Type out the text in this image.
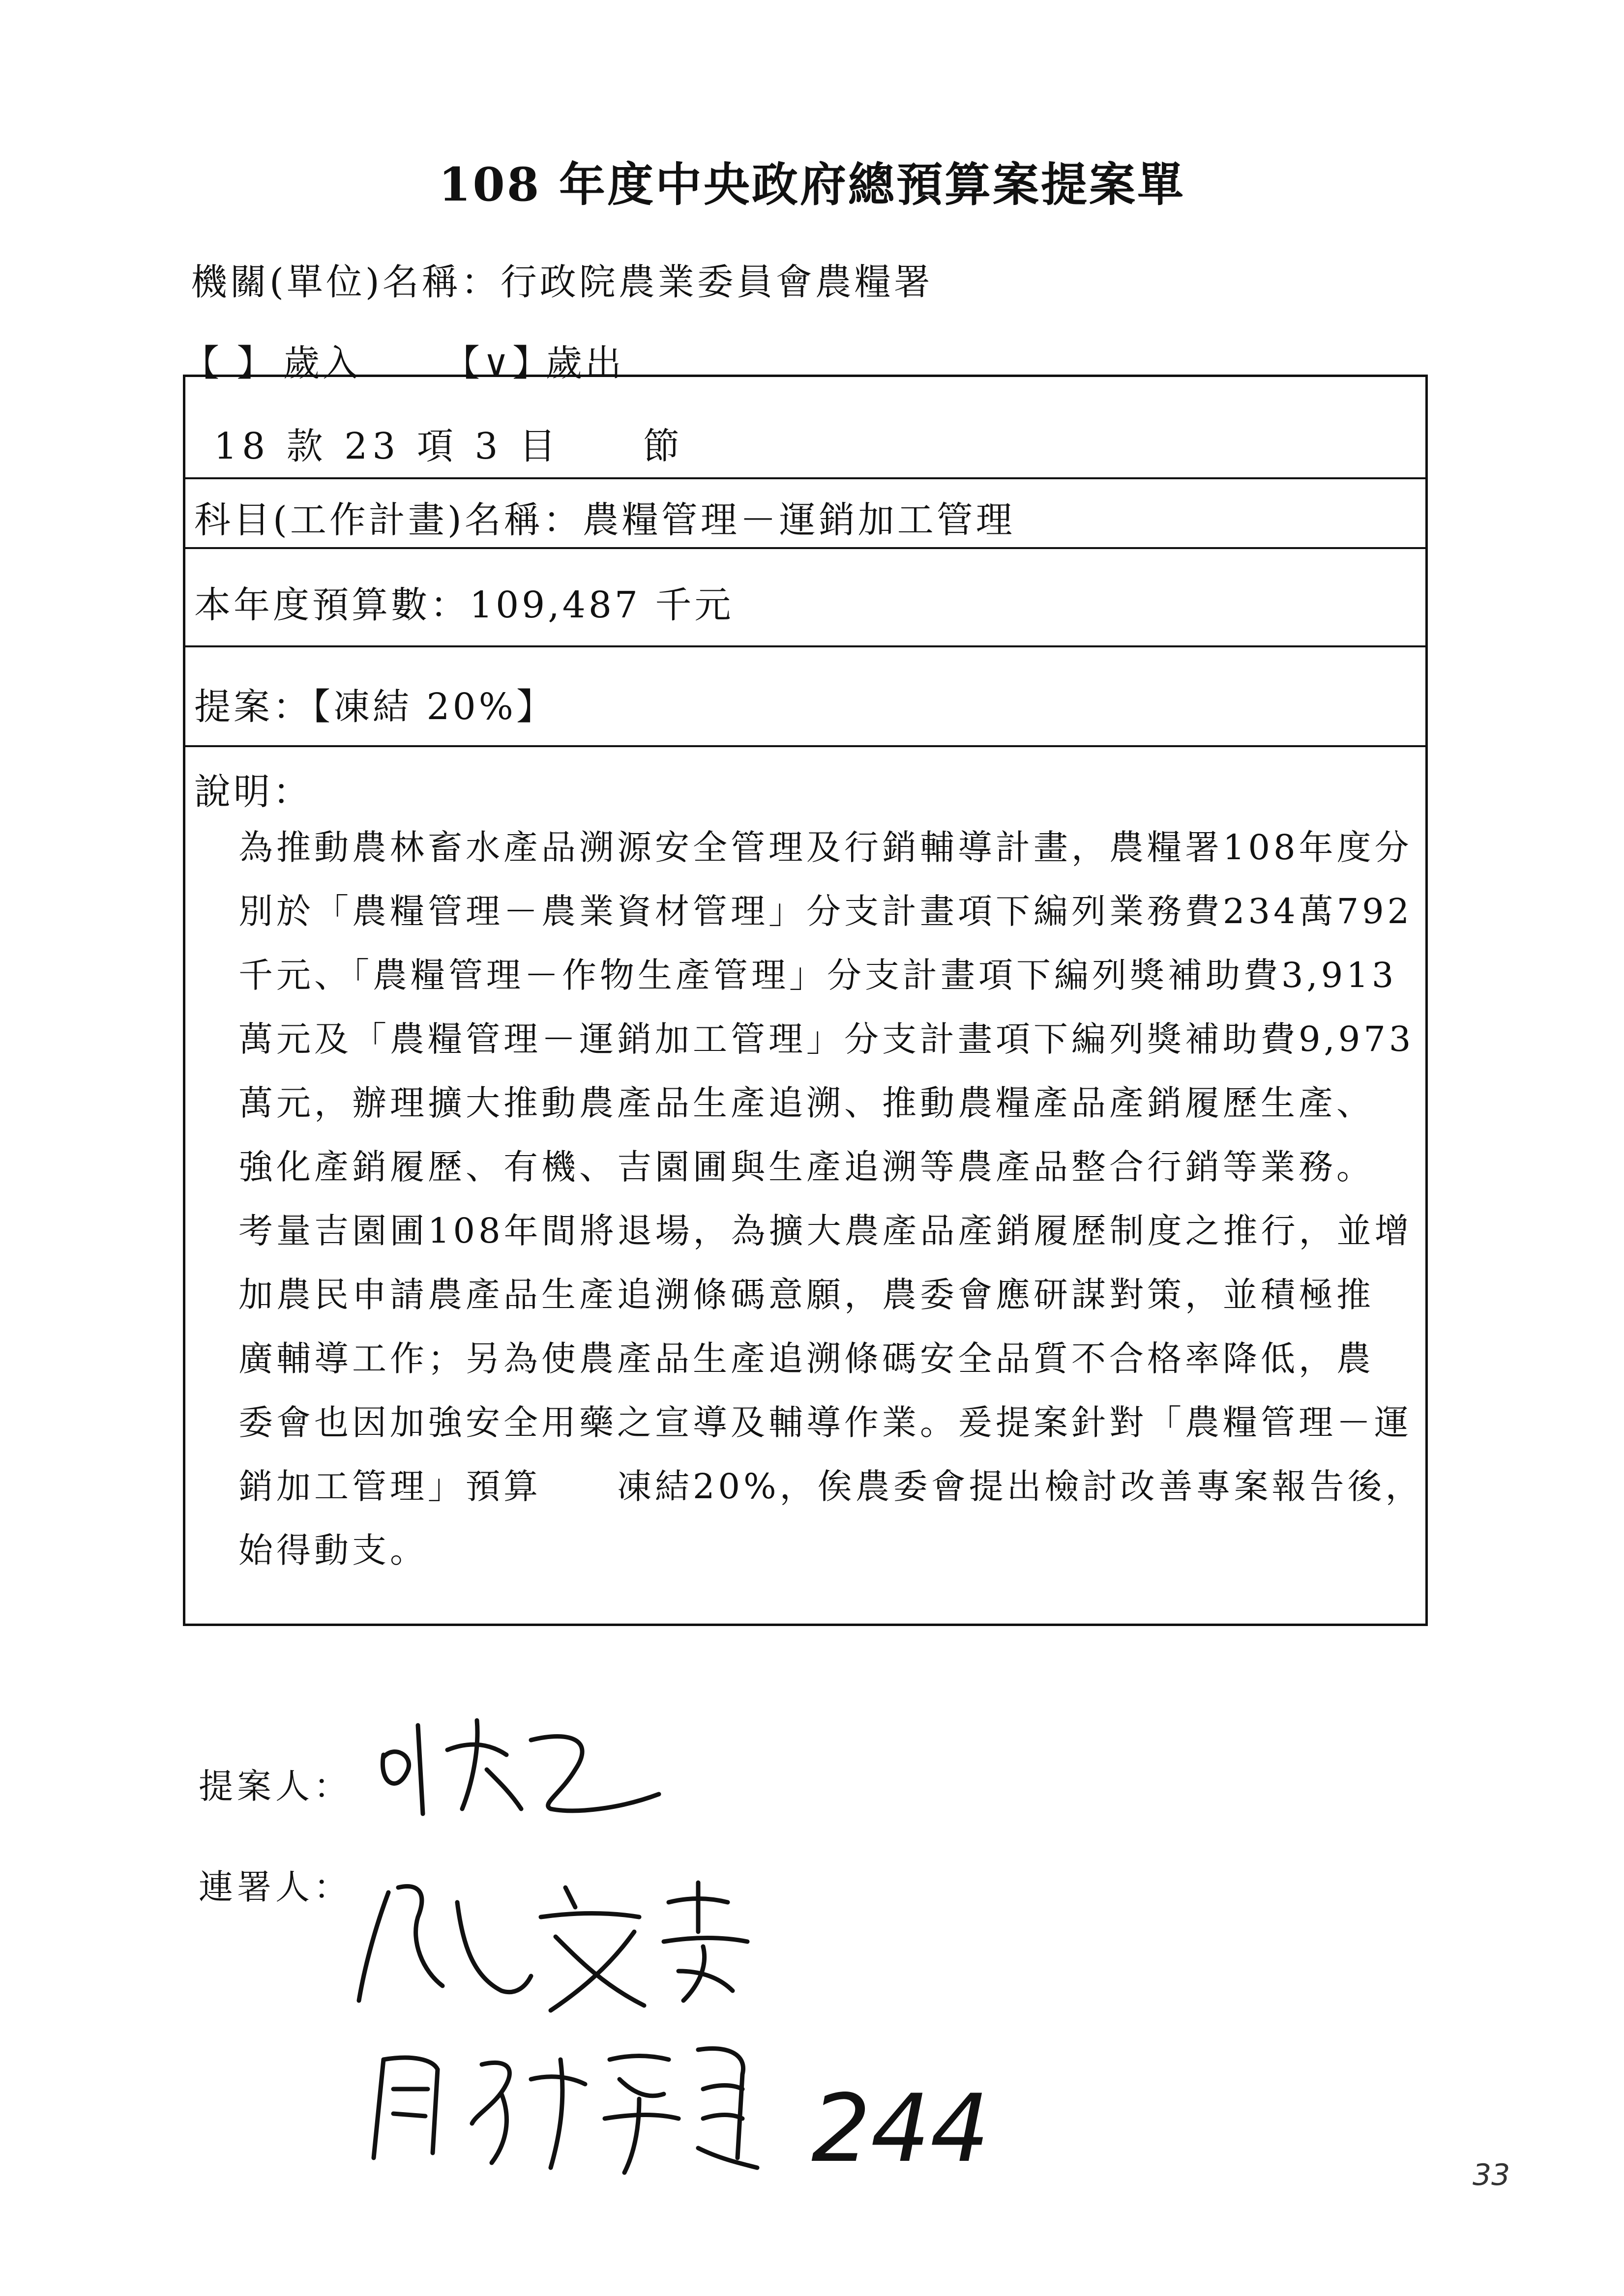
108 年度中央政府總預算案提案單
機關(單位)名稱：行政院農業委員會農糧署
【 】 歲入 【∨】
歲出
18 款 23 項 3 目　　節
科目(工作計畫)名稱：農糧管理－運銷加工管理
本年度預算數：109,487 千元
提案：【凍結 20%】
說明：
為推動農林畜水產品溯源安全管理及行銷輔導計畫，農糧署108年度分
別於「農糧管理－農業資材管理」分支計畫項下編列業務費234萬792
千元、「農糧管理－作物生產管理」分支計畫項下編列獎補助費3,913
萬元及「農糧管理－運銷加工管理」分支計畫項下編列獎補助費9,973
萬元，辦理擴大推動農產品生產追溯、推動農糧產品產銷履歷生產、
強化產銷履歷、有機、吉園圃與生產追溯等農產品整合行銷等業務。
考量吉園圃108年間將退場，為擴大農產品產銷履歷制度之推行，並增
加農民申請農產品生產追溯條碼意願，農委會應研謀對策，並積極推
廣輔導工作；另為使農產品生產追溯條碼安全品質不合格率降低，農
委會也因加強安全用藥之宣導及輔導作業。爰提案針對「農糧管理－運
銷加工管理」預算　　凍結20%，俟農委會提出檢討改善專案報告後，
始得動支。
提案人：
連署人：
244	33
